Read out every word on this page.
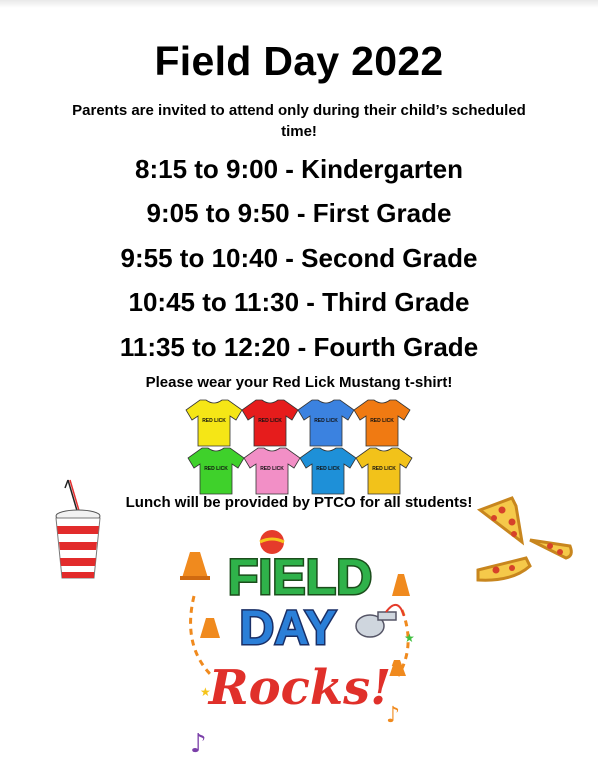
Field Day 2022
Parents are invited to attend only during their child’s scheduled time!
8:15 to 9:00 - Kindergarten
9:05 to 9:50 - First Grade
9:55 to 10:40 - Second Grade
10:45 to 11:30 - Third Grade
11:35 to 12:20 - Fourth Grade
Please wear your Red Lick Mustang t-shirt!
RED LICK	RED LICK	RED LICK	RED LICK
RED LICK	RED LICK	RED LICK	RED LICK
Lunch will be provided by PTCO for all students!
♪
♪
★
★
FIELD
DAY
Rocks!
